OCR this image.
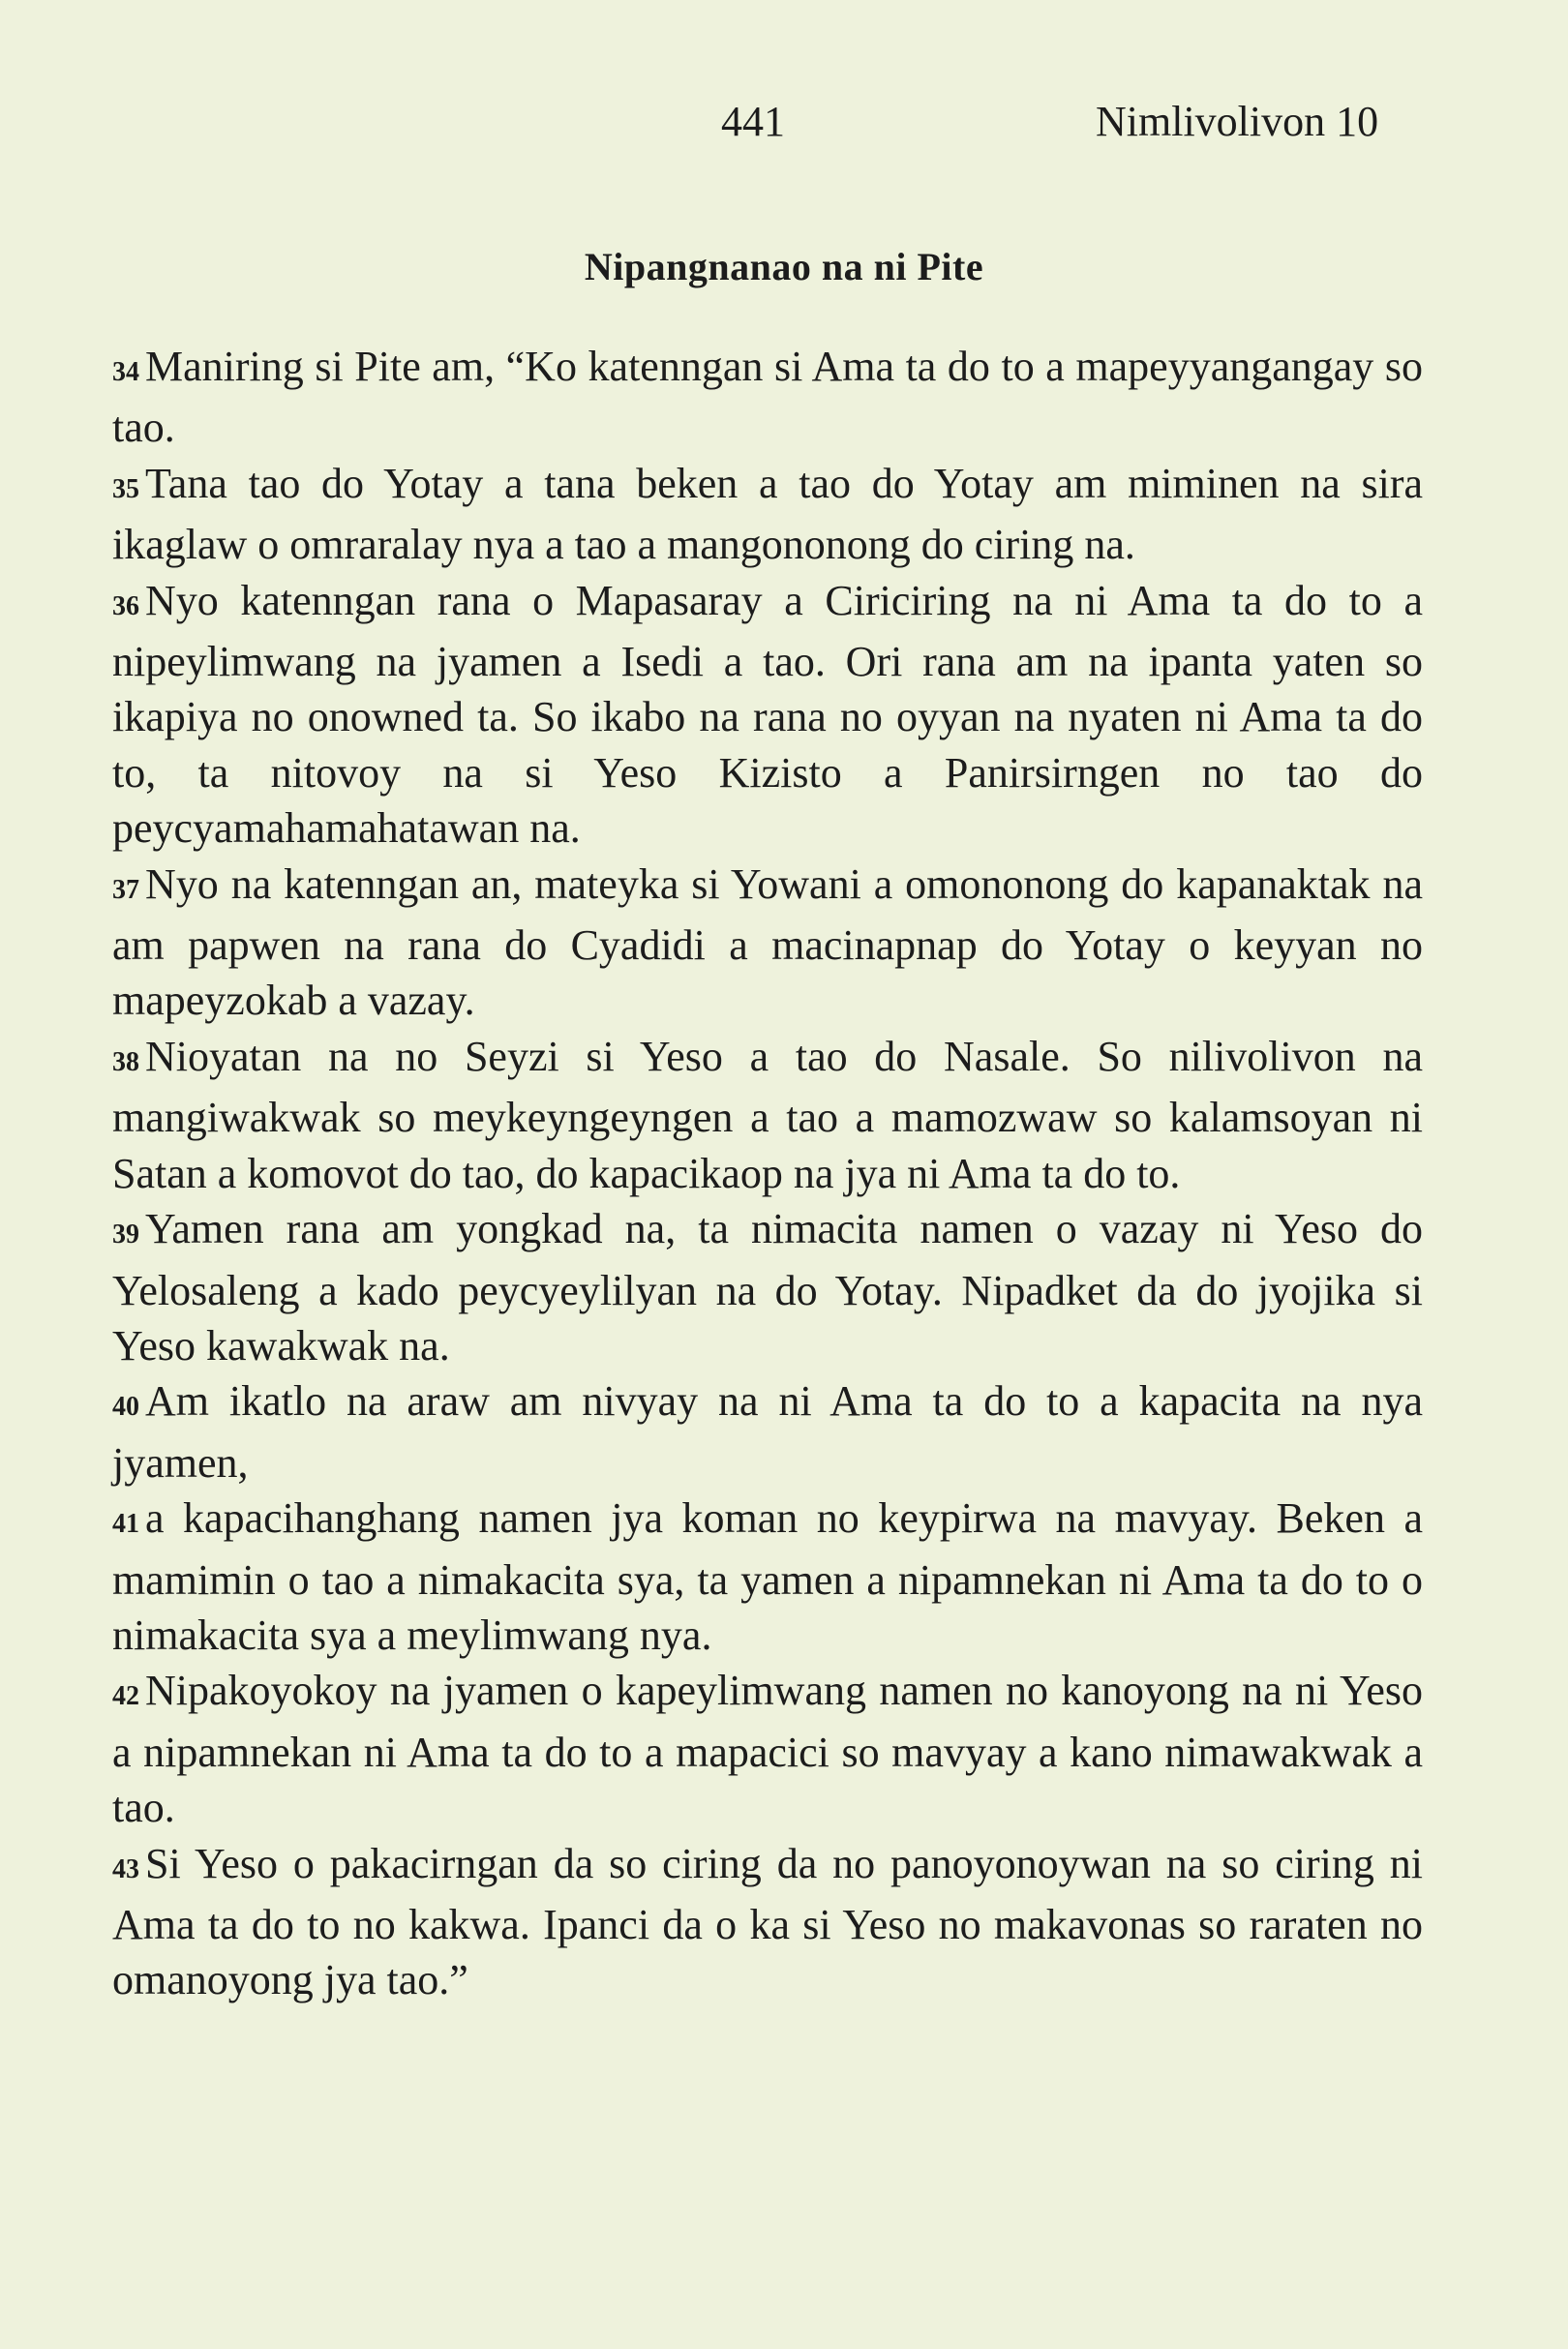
441	Nimlivolivon 10
Nipangnanao na ni Pite

34 Maniring si Pite am, “Ko katenngan si Ama ta do to a mapeyyangangay so tao.

35 Tana tao do Yotay a tana beken a tao do Yotay am miminen na sira ikaglaw o omraralay nya a tao a mangononong do ciring na.

36 Nyo katenngan rana o Mapasaray a Ciriciring na ni Ama ta do to a nipeylimwang na jyamen a Isedi a tao. Ori rana am na ipanta yaten so ikapiya no onowned ta. So ikabo na rana no oyyan na nyaten ni Ama ta do to, ta nitovoy na si Yeso Kizisto a Panirsirngen no tao do peycyamahamahatawan na.

37 Nyo na katenngan an, mateyka si Yowani a omononong do kapanaktak na am papwen na rana do Cyadidi a macinapnap do Yotay o keyyan no mapeyzokab a vazay.

38 Nioyatan na no Seyzi si Yeso a tao do Nasale. So nilivolivon na mangiwakwak so meykeyngeyngen a tao a mamozwaw so kalamsoyan ni Satan a komovot do tao, do kapacikaop na jya ni Ama ta do to.

39 Yamen rana am yongkad na, ta nimacita namen o vazay ni Yeso do Yelosaleng a kado peycyeylilyan na do Yotay. Nipadket da do jyojika si Yeso kawakwak na.

40 Am ikatlo na araw am nivyay na ni Ama ta do to a kapacita na nya jyamen,

41 a kapacihanghang namen jya koman no keypirwa na mavyay. Beken a mamimin o tao a nimakacita sya, ta yamen a nipamnekan ni Ama ta do to o nimakacita sya a meylimwang nya.

42 Nipakoyokoy na jyamen o kapeylimwang namen no kanoyong na ni Yeso a nipamnekan ni Ama ta do to a mapacici so mavyay a kano nimawakwak a tao.

43 Si Yeso o pakacirngan da so ciring da no panoyonoywan na so ciring ni Ama ta do to no kakwa. Ipanci da o ka si Yeso no makavonas so raraten no omanoyong jya tao.”
